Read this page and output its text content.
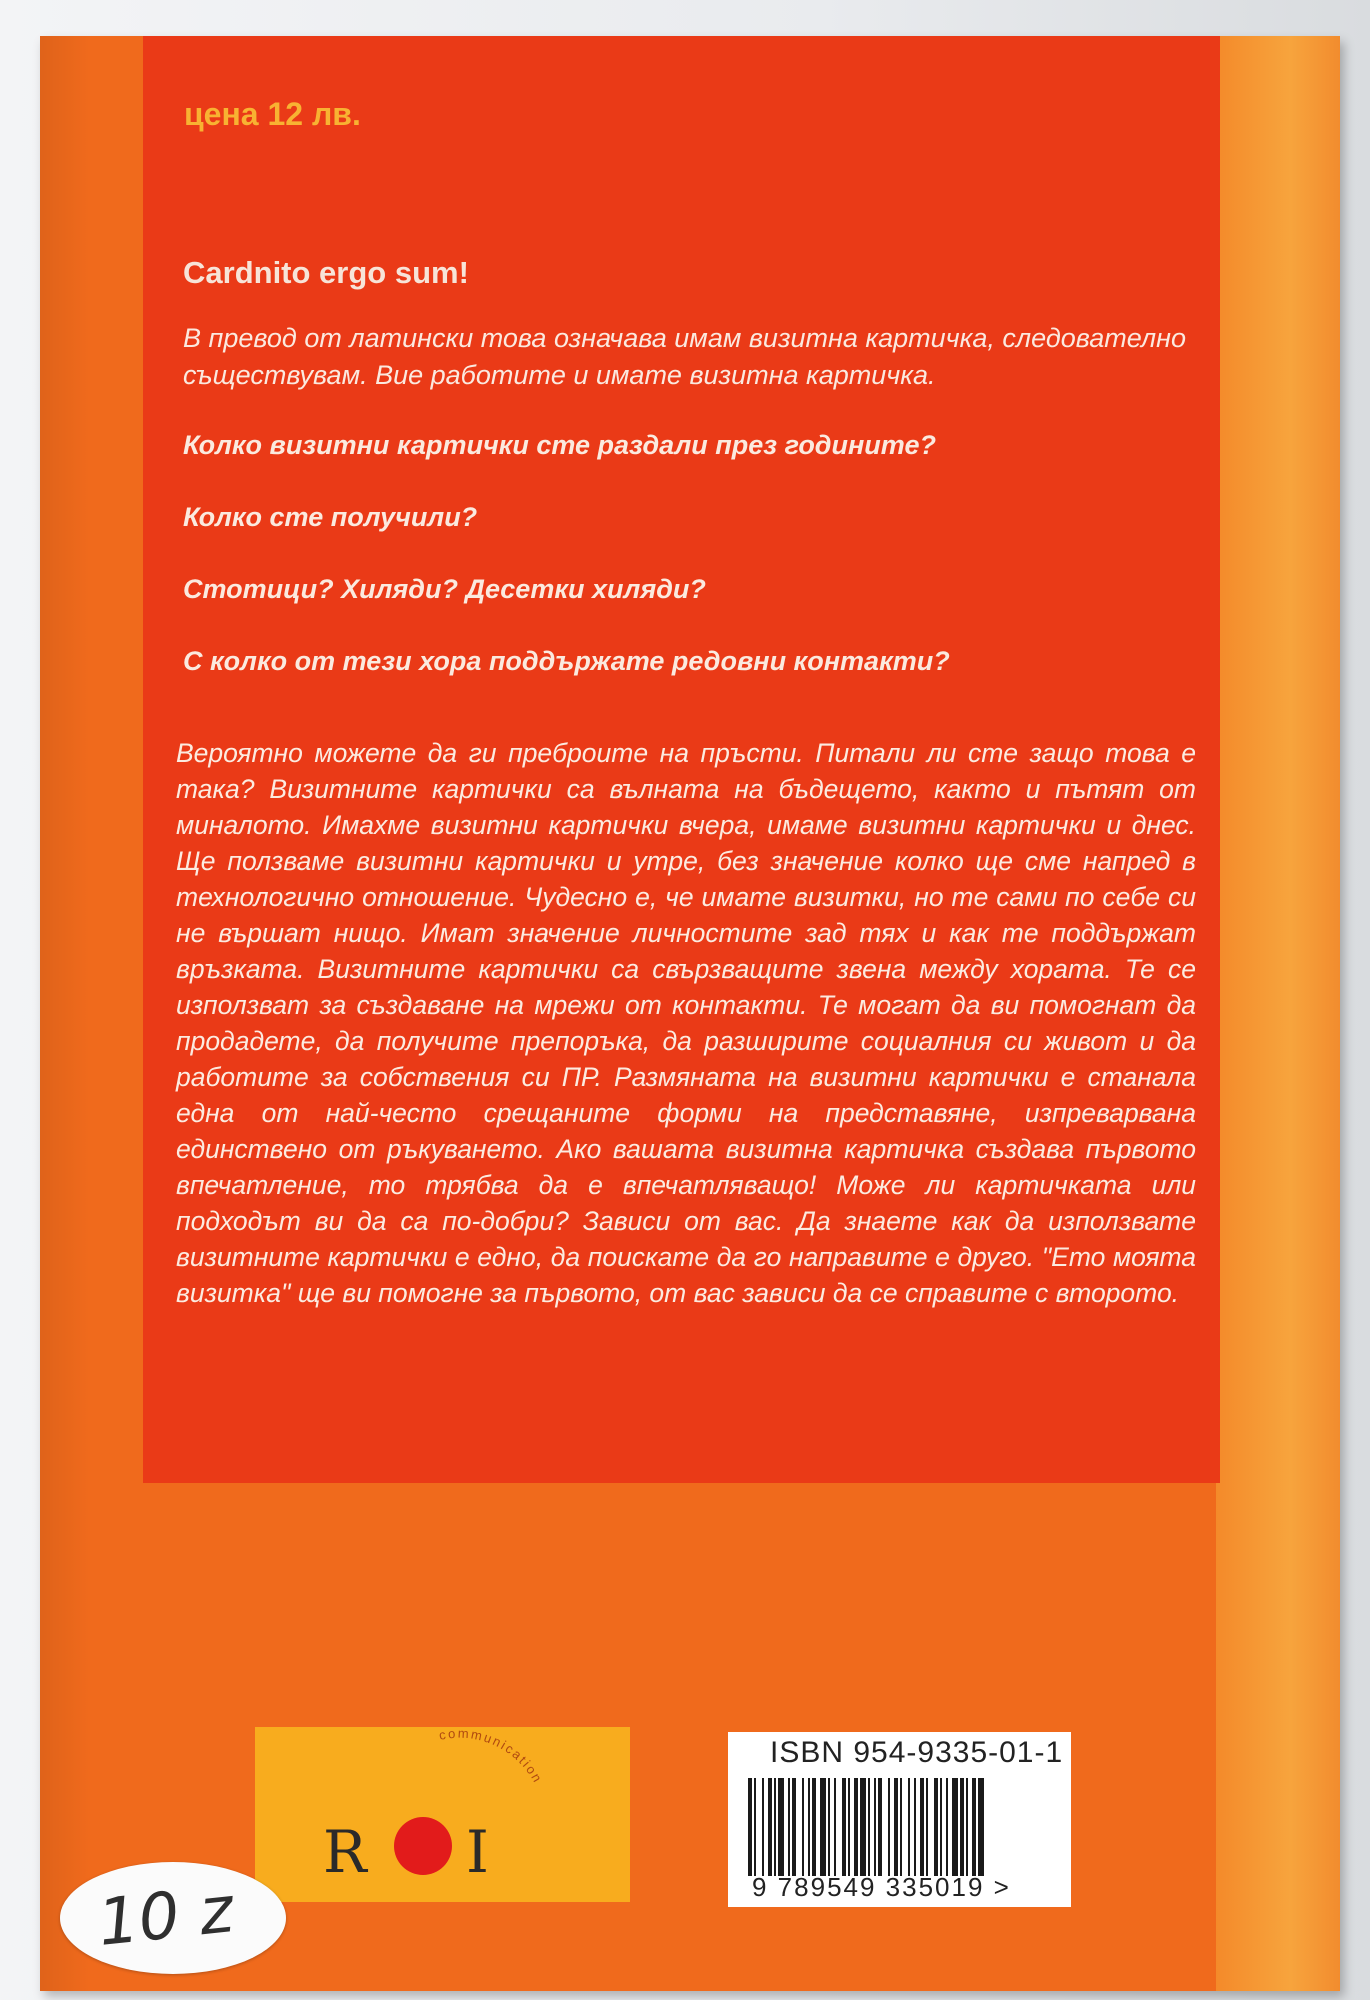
цена 12 лв.
Cardnito ergo sum!
В превод от латински това означава имам визитна картичка, следователно съществувам. Вие работите и имате визитна картичка.
Колко визитни картички сте раздали през годините?
Колко сте получили?
Стотици? Хиляди? Десетки хиляди?
С колко от тези хора поддържате редовни контакти?
Вероятно можете да ги преброите на пръсти. Питали ли сте защо това е така? Визитните картички са вълната на бъдещето, както и пътят от миналото. Имахме визитни картички вчера, имаме визитни картички и днес. Ще ползваме визитни картички и утре, без значение колко ще сме напред в технологично отношение. Чудесно е, че имате визитки, но те сами по себе си не вършат нищо. Имат значение личностите зад тях и как те поддържат връзката. Визитните картички са свързващите звена между хората. Те се използват за създаване на мрежи от контакти. Те могат да ви помогнат да продадете, да получите препоръка, да разширите социалния си живот и да работите за собствения си ПР. Размяната на визитни картички е станала една от най-често срещаните форми на представяне, изпреварвана единствено от ръкуването. Ако вашата визитна картичка създава първото впечатление, то трябва да е впечатляващо! Може ли картичката или подходът ви да са по-добри? Зависи от вас. Да знаете как да използвате визитните картички е едно, да поискате да го направите е друго. "Ето моята визитка" ще ви помогне за първото, от вас зависи да се справите с второто.
R I
communication
ISBN 954-9335-01-1
9 789549 335019 >
10 z
